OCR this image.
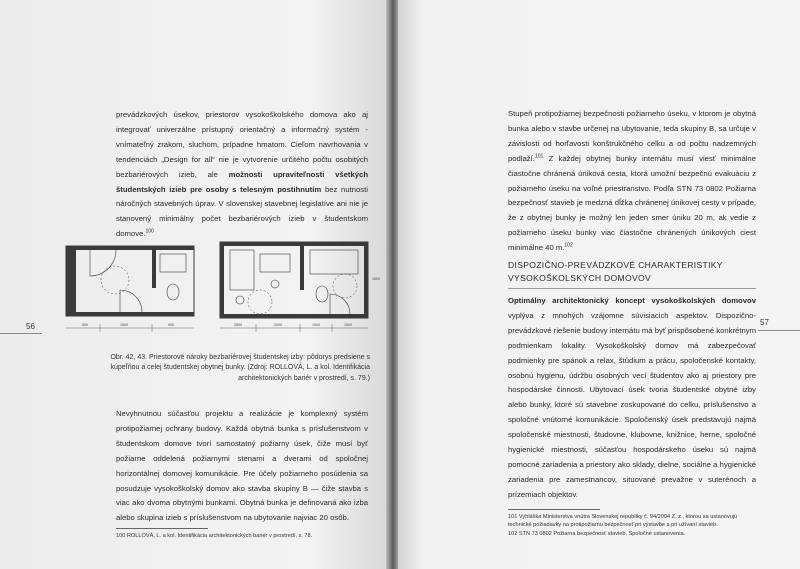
prevádzkových úsekov, priestorov vysokoškolského domova ako aj integrovať univerzálne prístupný orientačný a informačný systém - vnímateľný zrakom, sluchom, prípadne hmatom. Cieľom navrhovania v tendenciách „Design for all“ nie je vytvorenie určitého počtu osobitých bezbariérových izieb, ale možnosti upraviteľnosti všetkých študentských izieb pre osoby s telesným postihnutím bez nutnosti náročných stavebných úprav. V slovenskej stavebnej legislatíve ani nie je stanovený minimálny počet bezbariérových izieb v študentskom domove.$^{100}$

900	1500	900	2800	2000	1900	1500
1500
56
Obr. 42, 43. Priestorové nároky bezbariérovej študentskej izby: pôdorys predsiene s kúpeľňou a celej študentskej obytnej bunky. (Zdroj: ROLLOVÁ, L. a kol. Identifikácia architektonických bariér v prostredí, s. 79.)
Nevyhnutnou súčasťou projektu a realizácie je komplexný systém protipožiarnej ochrany budovy. Každá obytná bunka s príslušenstvom v študentskom domove tvorí samostatný požiarny úsek, čiže musí byť požiarne oddelená požiarnymi stenami a dverami od spoločnej horizontálnej domovej komunikácie. Pre účely požiarneho posúdenia sa posudzuje vysokoškolský domov ako stavba skupiny B — čiže stavba s viac ako dvoma obytnými bunkami. Obytná bunka je definovaná ako izba alebo skupina izieb s príslušenstvom na ubytovanie najviac 20 osôb.
100 ROLLOVÁ, L. a kol. Identifikácia architektonických bariér v prostredí, s. 78.

Stupeň protipožiarnej bezpečnosti požiarneho úseku, v ktorom je obytná bunka alebo v stavbe určenej na ubytovanie, teda skupiny B, sa určuje v závislosti od horľavosti konštrukčného celku a od počtu nadzemných podlaží.$^{101}$ Z každej obytnej bunky internátu musí viesť minimálne čiastočne chránená úniková cesta, ktorá umožní bezpečnú evakuáciu z požiarneho úseku na voľné priestranstvo. Podľa STN 73 0802 Požiarna bezpečnosť stavieb je medzná dĺžka chránenej únikovej cesty v prípade, že z obytnej bunky je možný len jeden smer úniku 20 m, ak vedie z požiarneho úseku bunky viac čiastočne chránených únikových ciest minimálne 40 m.$^{102}$

DISPOZIČNO-PREVÁDZKOVÉ CHARAKTERISTIKY
VYSOKOŠKOLSKÝCH DOMOVOV

Optimálny architektonický koncept vysokoškolských domovov vyplýva z mnohých vzájomne súvisiacich aspektov. Dispozično-prevádzkové riešenie budovy internátu má byť prispôsobené konkrétnym podmienkam lokality. Vysokoškolský domov má zabezpečovať podmienky pre spánok a relax, štúdium a prácu, spoločenské kontakty, osobnú hygienu, údržbu osobných vecí študentov ako aj priestory pre hospodárske činnosti. Ubytovací úsek tvoria študentské obytné izby alebo bunky, ktoré sú stavebne zoskupované do celku, príslušenstvo a spoločné vnútorné komunikácie. Spoločenský úsek predstavujú najmä spoločenské miestnosti, študovne, klubovne, knižnice, herne, spoločné hygienické miestnosti, súčasťou hospodárskeho úseku sú najmä pomocné zariadenia a priestory ako sklady, dielne, sociálne a hygienické zariadenia pre zamestnancov, situované prevažne v suterénoch a prízemiach objektov.

57
101 Vyhláška Ministerstva vnútra Slovenskej republiky č. 94/2004 Z. z., ktorou sa ustanovujú technické požiadavky na protipožiarnu bezpečnosť pri výstavbe a pri užívaní stavieb.
102 STN 73 0802 Požiarna bezpečnosť stavieb. Spoločné ustanovenia.
